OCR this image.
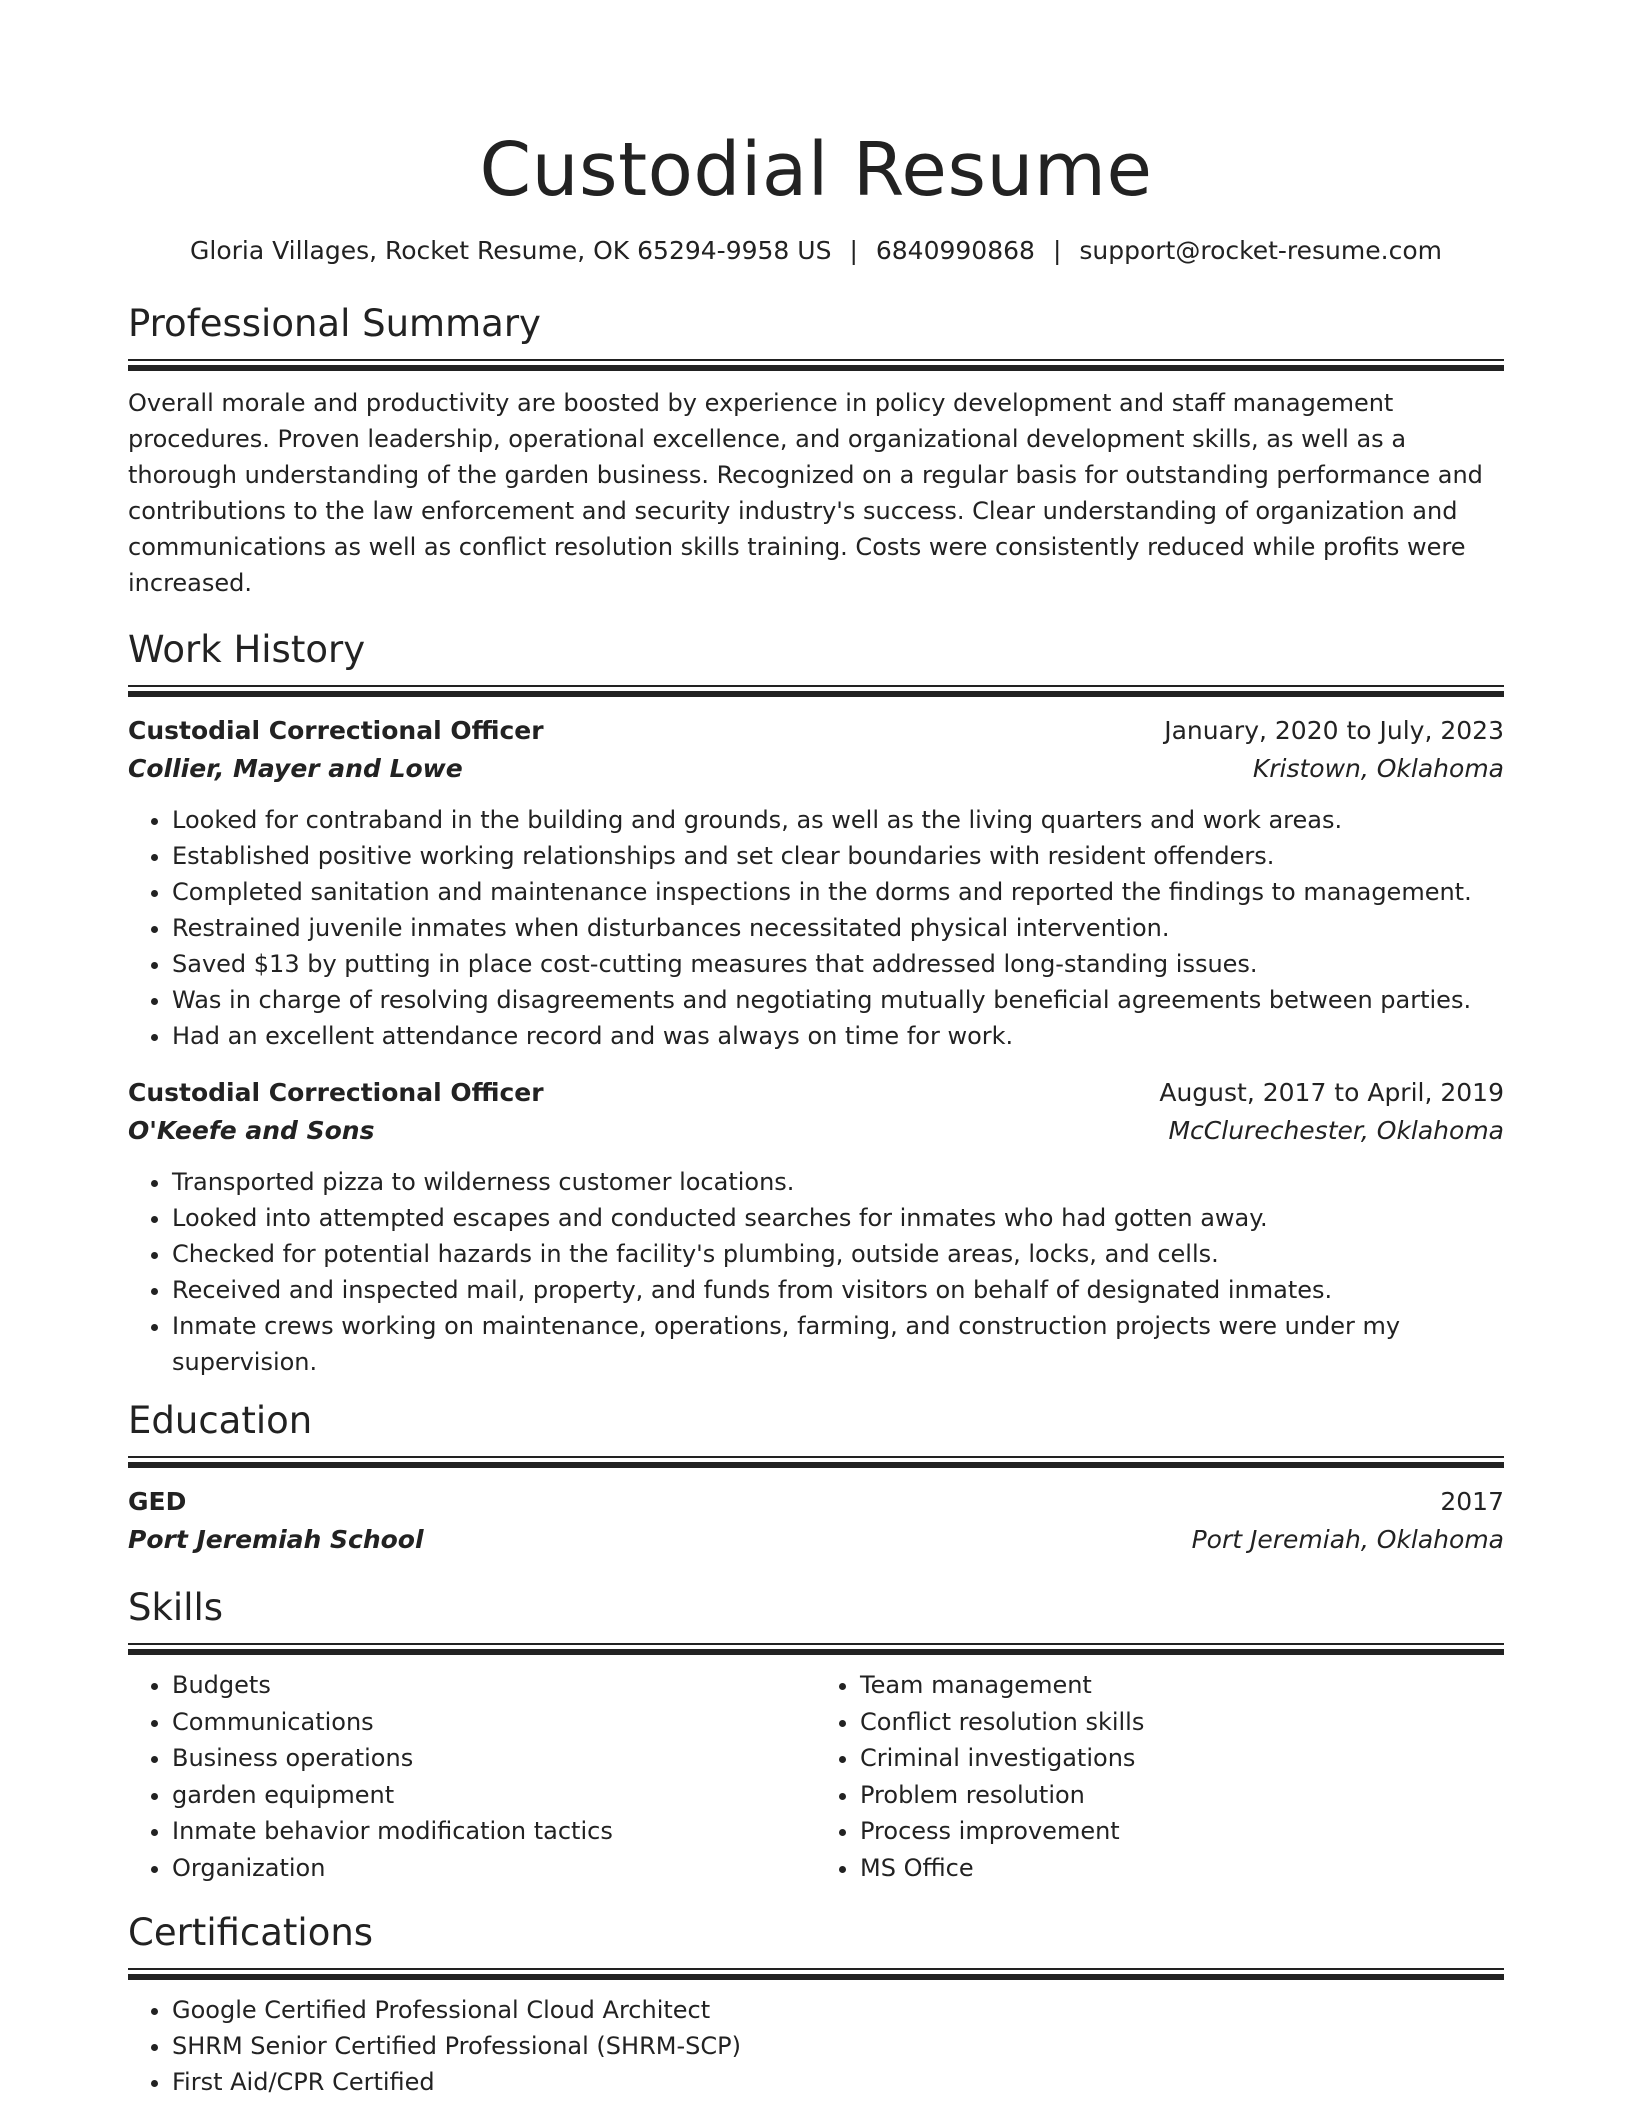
Custodial Resume
Gloria Villages, Rocket Resume, OK 65294-9958 US | 6840990868 | support@rocket-resume.com
Professional Summary
Overall morale and productivity are boosted by experience in policy development and staff management procedures. Proven leadership, operational excellence, and organizational development skills, as well as a thorough understanding of the garden business. Recognized on a regular basis for outstanding performance and contributions to the law enforcement and security industry's success. Clear understanding of organization and communications as well as conflict resolution skills training. Costs were consistently reduced while profits were increased.
Work History
Custodial Correctional Officer	January, 2020 to July, 2023
Collier, Mayer and Lowe	Kristown, Oklahoma
• Looked for contraband in the building and grounds, as well as the living quarters and work areas.
• Established positive working relationships and set clear boundaries with resident offenders.
• Completed sanitation and maintenance inspections in the dorms and reported the findings to management.
• Restrained juvenile inmates when disturbances necessitated physical intervention.
• Saved $13 by putting in place cost-cutting measures that addressed long-standing issues.
• Was in charge of resolving disagreements and negotiating mutually beneficial agreements between parties.
• Had an excellent attendance record and was always on time for work.
Custodial Correctional Officer	August, 2017 to April, 2019
O'Keefe and Sons	McClurechester, Oklahoma
• Transported pizza to wilderness customer locations.
• Looked into attempted escapes and conducted searches for inmates who had gotten away.
• Checked for potential hazards in the facility's plumbing, outside areas, locks, and cells.
• Received and inspected mail, property, and funds from visitors on behalf of designated inmates.
• Inmate crews working on maintenance, operations, farming, and construction projects were under my supervision.
Education
GED	2017
Port Jeremiah School	Port Jeremiah, Oklahoma
Skills
• Budgets
• Communications
• Business operations
• garden equipment
• Inmate behavior modification tactics
• Organization
• Team management
• Conflict resolution skills
• Criminal investigations
• Problem resolution
• Process improvement
• MS Office
Certifications
• Google Certified Professional Cloud Architect
• SHRM Senior Certified Professional (SHRM-SCP)
• First Aid/CPR Certified
